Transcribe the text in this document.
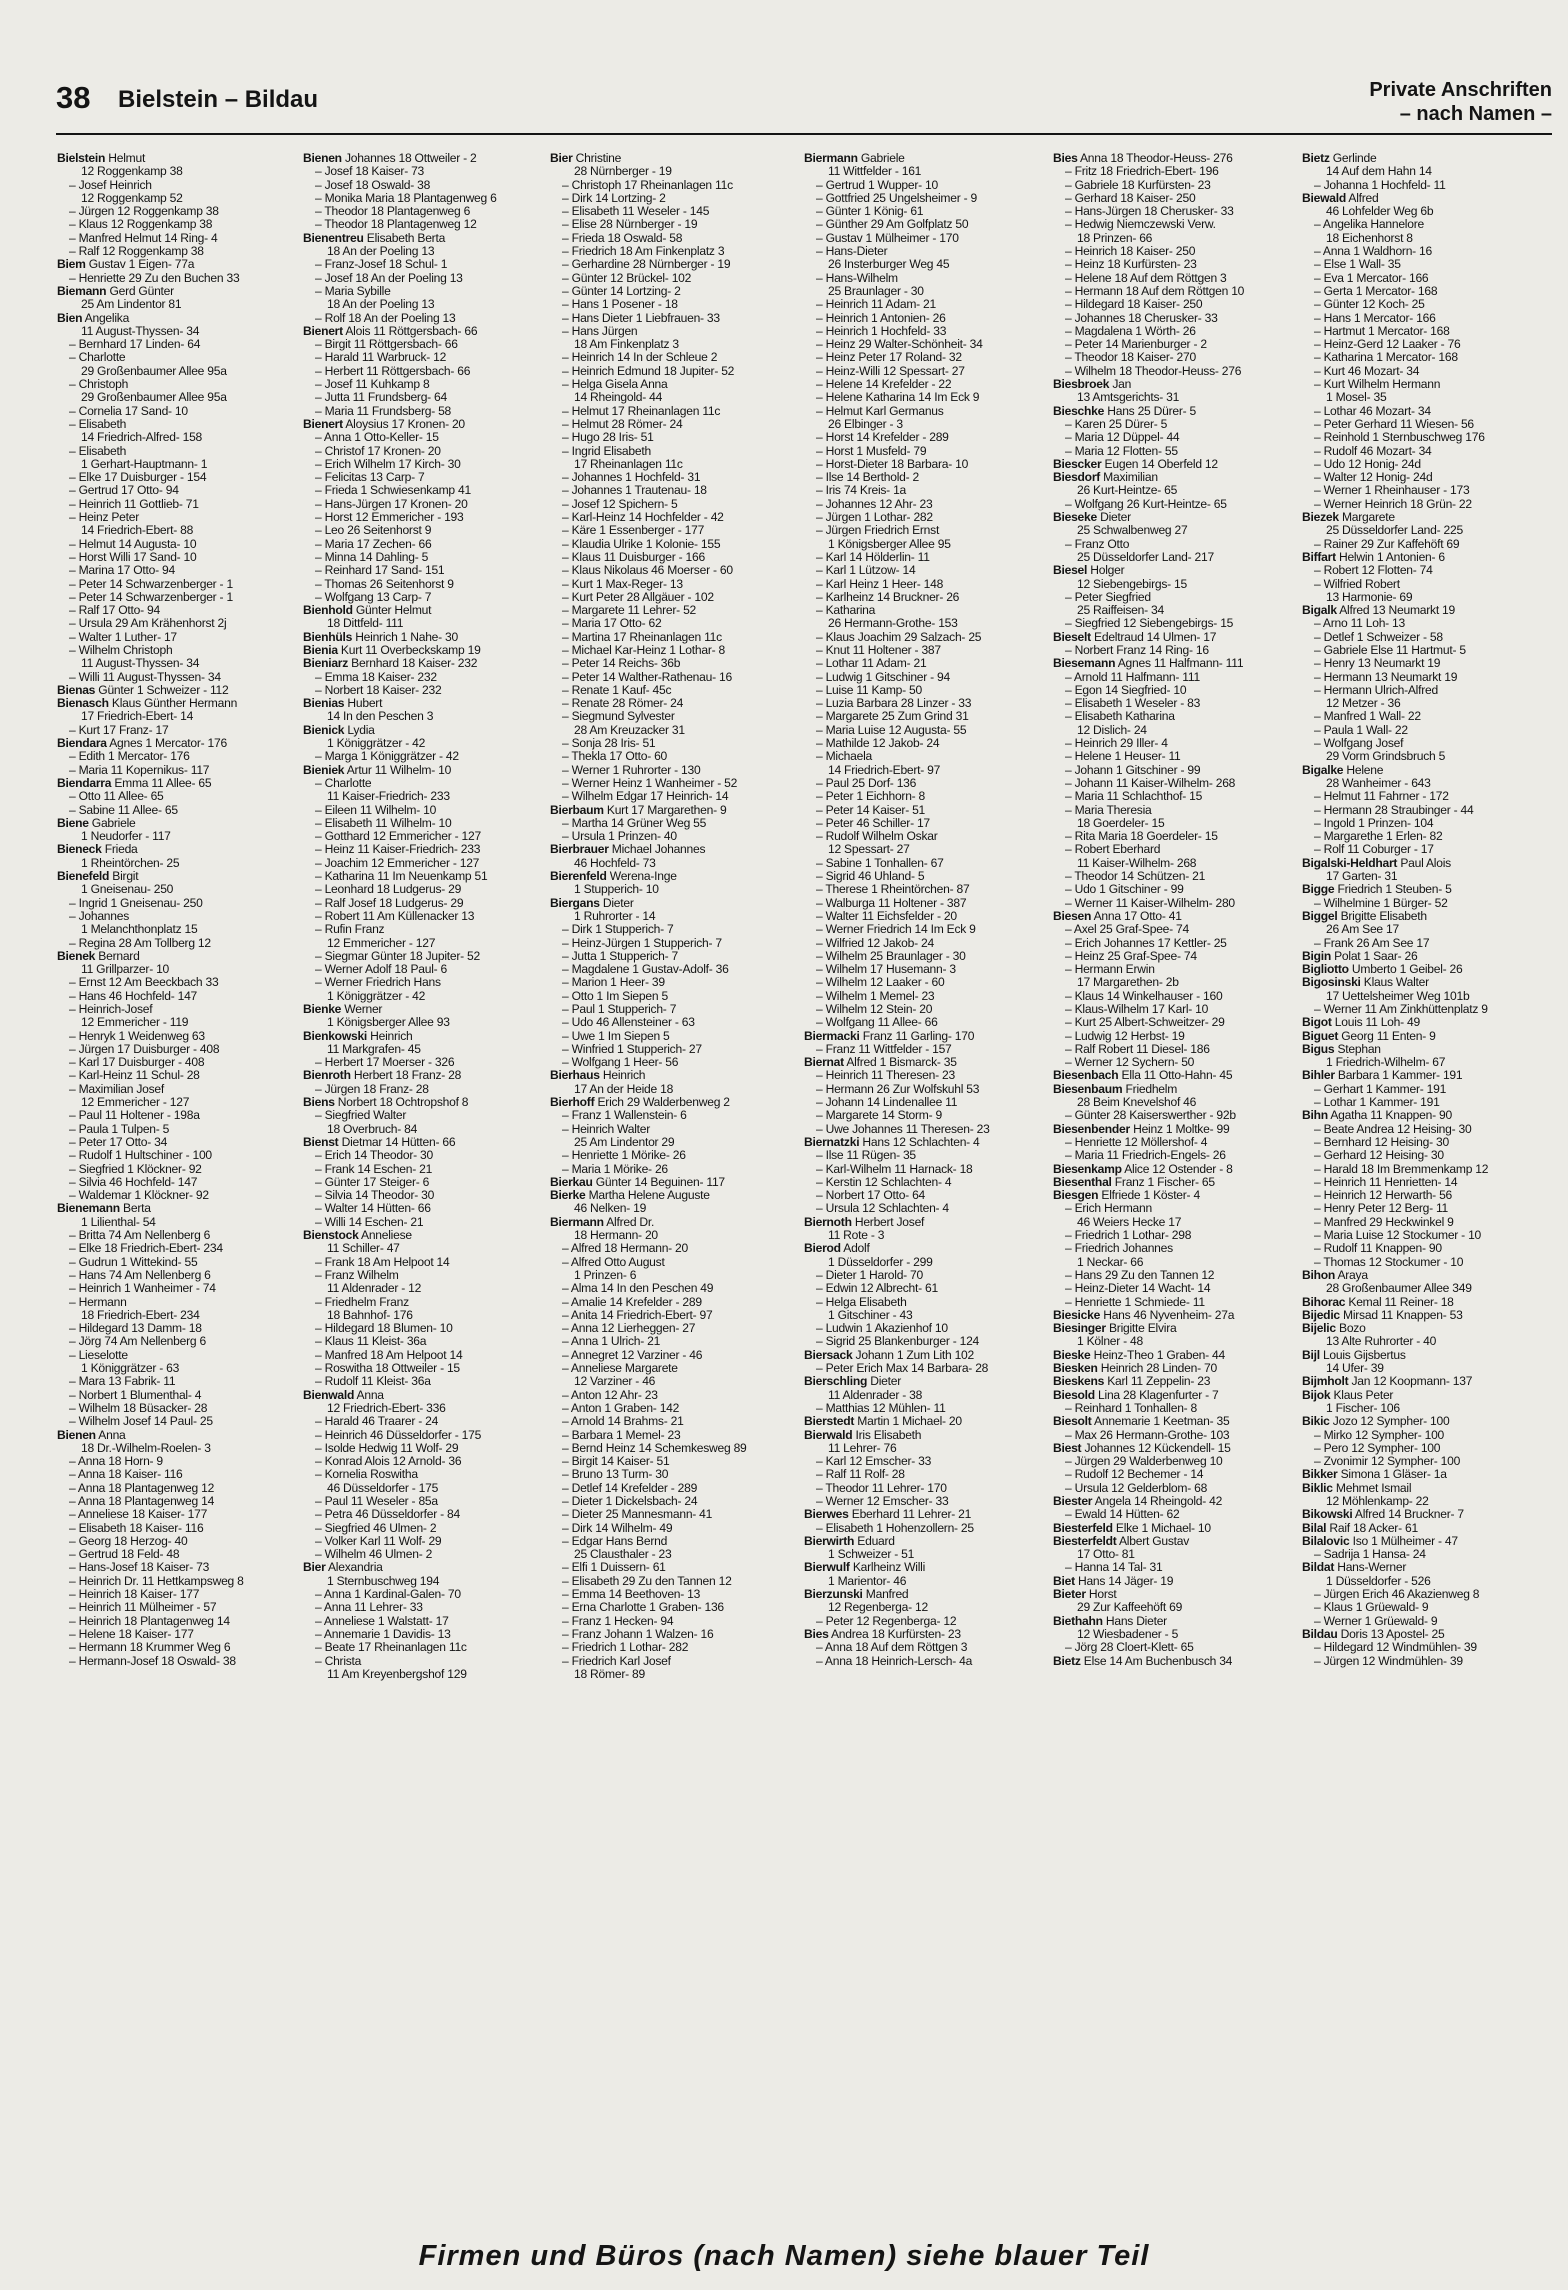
38 Bielstein – Bildau	Private Anschriften
– nach Namen –
Bielstein Helmut
12 Roggenkamp 38
– Josef Heinrich
12 Roggenkamp 52
– Jürgen 12 Roggenkamp 38
– Klaus 12 Roggenkamp 38
– Manfred Helmut 14 Ring- 4
– Ralf 12 Roggenkamp 38
Biem Gustav 1 Eigen- 77a
– Henriette 29 Zu den Buchen 33
Biemann Gerd Günter
25 Am Lindentor 81
Bien Angelika
11 August-Thyssen- 34
– Bernhard 17 Linden- 64
– Charlotte
29 Großenbaumer Allee 95a
– Christoph
29 Großenbaumer Allee 95a
– Cornelia 17 Sand- 10
– Elisabeth
14 Friedrich-Alfred- 158
– Elisabeth
1 Gerhart-Hauptmann- 1
– Elke 17 Duisburger - 154
– Gertrud 17 Otto- 94
– Heinrich 11 Gottlieb- 71
– Heinz Peter
14 Friedrich-Ebert- 88
– Helmut 14 Augusta- 10
– Horst Willi 17 Sand- 10
– Marina 17 Otto- 94
– Peter 14 Schwarzenberger - 1
– Peter 14 Schwarzenberger - 1
– Ralf 17 Otto- 94
– Ursula 29 Am Krähenhorst 2j
– Walter 1 Luther- 17
– Wilhelm Christoph
11 August-Thyssen- 34
– Willi 11 August-Thyssen- 34
Bienas Günter 1 Schweizer - 112
Bienasch Klaus Günther Hermann
17 Friedrich-Ebert- 14
– Kurt 17 Franz- 17
Biendara Agnes 1 Mercator- 176
– Edith 1 Mercator- 176
– Maria 11 Kopernikus- 117
Biendarra Emma 11 Allee- 65
– Otto 11 Allee- 65
– Sabine 11 Allee- 65
Biene Gabriele
1 Neudorfer - 117
Bieneck Frieda
1 Rheintörchen- 25
Bienefeld Birgit
1 Gneisenau- 250
– Ingrid 1 Gneisenau- 250
– Johannes
1 Melanchthonplatz 15
– Regina 28 Am Tollberg 12
Bienek Bernard
11 Grillparzer- 10
– Ernst 12 Am Beeckbach 33
– Hans 46 Hochfeld- 147
– Heinrich-Josef
12 Emmericher - 119
– Henryk 1 Weidenweg 63
– Jürgen 17 Duisburger - 408
– Karl 17 Duisburger - 408
– Karl-Heinz 11 Schul- 28
– Maximilian Josef
12 Emmericher - 127
– Paul 11 Holtener - 198a
– Paula 1 Tulpen- 5
– Peter 17 Otto- 34
– Rudolf 1 Hultschiner - 100
– Siegfried 1 Klöckner- 92
– Silvia 46 Hochfeld- 147
– Waldemar 1 Klöckner- 92
Bienemann Berta
1 Lilienthal- 54
– Britta 74 Am Nellenberg 6
– Elke 18 Friedrich-Ebert- 234
– Gudrun 1 Wittekind- 55
– Hans 74 Am Nellenberg 6
– Heinrich 1 Wanheimer - 74
– Hermann
18 Friedrich-Ebert- 234
– Hildegard 13 Damm- 18
– Jörg 74 Am Nellenberg 6
– Lieselotte
1 Königgrätzer - 63
– Mara 13 Fabrik- 11
– Norbert 1 Blumenthal- 4
– Wilhelm 18 Büsacker- 28
– Wilhelm Josef 14 Paul- 25
Bienen Anna
18 Dr.-Wilhelm-Roelen- 3
– Anna 18 Horn- 9
– Anna 18 Kaiser- 116
– Anna 18 Plantagenweg 12
– Anna 18 Plantagenweg 14
– Anneliese 18 Kaiser- 177
– Elisabeth 18 Kaiser- 116
– Georg 18 Herzog- 40
– Gertrud 18 Feld- 48
– Hans-Josef 18 Kaiser- 73
– Heinrich Dr. 11 Hettkampsweg 8
– Heinrich 18 Kaiser- 177
– Heinrich 11 Mülheimer - 57
– Heinrich 18 Plantagenweg 14
– Helene 18 Kaiser- 177
– Hermann 18 Krummer Weg 6
– Hermann-Josef 18 Oswald- 38
Bienen Johannes 18 Ottweiler - 2
– Josef 18 Kaiser- 73
– Josef 18 Oswald- 38
– Monika Maria 18 Plantagenweg 6
– Theodor 18 Plantagenweg 6
– Theodor 18 Plantagenweg 12
Bienentreu Elisabeth Berta
18 An der Poeling 13
– Franz-Josef 18 Schul- 1
– Josef 18 An der Poeling 13
– Maria Sybille
18 An der Poeling 13
– Rolf 18 An der Poeling 13
Bienert Alois 11 Röttgersbach- 66
– Birgit 11 Röttgersbach- 66
– Harald 11 Warbruck- 12
– Herbert 11 Röttgersbach- 66
– Josef 11 Kuhkamp 8
– Jutta 11 Frundsberg- 64
– Maria 11 Frundsberg- 58
Bienert Aloysius 17 Kronen- 20
– Anna 1 Otto-Keller- 15
– Christof 17 Kronen- 20
– Erich Wilhelm 17 Kirch- 30
– Felicitas 13 Carp- 7
– Frieda 1 Schwiesenkamp 41
– Hans-Jürgen 17 Kronen- 20
– Horst 12 Emmericher - 193
– Leo 26 Seitenhorst 9
– Maria 17 Zechen- 66
– Minna 14 Dahling- 5
– Reinhard 17 Sand- 151
– Thomas 26 Seitenhorst 9
– Wolfgang 13 Carp- 7
Bienhold Günter Helmut
18 Dittfeld- 111
Bienhüls Heinrich 1 Nahe- 30
Bienia Kurt 11 Overbeckskamp 19
Bieniarz Bernhard 18 Kaiser- 232
– Emma 18 Kaiser- 232
– Norbert 18 Kaiser- 232
Bienias Hubert
14 In den Peschen 3
Bienick Lydia
1 Königgrätzer - 42
– Marga 1 Königgrätzer - 42
Bieniek Artur 11 Wilhelm- 10
– Charlotte
11 Kaiser-Friedrich- 233
– Eileen 11 Wilhelm- 10
– Elisabeth 11 Wilhelm- 10
– Gotthard 12 Emmericher - 127
– Heinz 11 Kaiser-Friedrich- 233
– Joachim 12 Emmericher - 127
– Katharina 11 Im Neuenkamp 51
– Leonhard 18 Ludgerus- 29
– Ralf Josef 18 Ludgerus- 29
– Robert 11 Am Küllenacker 13
– Rufin Franz
12 Emmericher - 127
– Siegmar Günter 18 Jupiter- 52
– Werner Adolf 18 Paul- 6
– Werner Friedrich Hans
1 Königgrätzer - 42
Bienke Werner
1 Königsberger Allee 93
Bienkowski Heinrich
11 Markgrafen- 45
– Herbert 17 Moerser - 326
Bienroth Herbert 18 Franz- 28
– Jürgen 18 Franz- 28
Biens Norbert 18 Ochtropshof 8
– Siegfried Walter
18 Overbruch- 84
Bienst Dietmar 14 Hütten- 66
– Erich 14 Theodor- 30
– Frank 14 Eschen- 21
– Günter 17 Steiger- 6
– Silvia 14 Theodor- 30
– Walter 14 Hütten- 66
– Willi 14 Eschen- 21
Bienstock Anneliese
11 Schiller- 47
– Frank 18 Am Helpoot 14
– Franz Wilhelm
11 Aldenrader - 12
– Friedhelm Franz
18 Bahnhof- 176
– Hildegard 18 Blumen- 10
– Klaus 11 Kleist- 36a
– Manfred 18 Am Helpoot 14
– Roswitha 18 Ottweiler - 15
– Rudolf 11 Kleist- 36a
Bienwald Anna
12 Friedrich-Ebert- 336
– Harald 46 Traarer - 24
– Heinrich 46 Düsseldorfer - 175
– Isolde Hedwig 11 Wolf- 29
– Konrad Alois 12 Arnold- 36
– Kornelia Roswitha
46 Düsseldorfer - 175
– Paul 11 Weseler - 85a
– Petra 46 Düsseldorfer - 84
– Siegfried 46 Ulmen- 2
– Volker Karl 11 Wolf- 29
– Wilhelm 46 Ulmen- 2
Bier Alexandria
1 Sternbuschweg 194
– Anna 1 Kardinal-Galen- 70
– Anna 11 Lehrer- 33
– Anneliese 1 Walstatt- 17
– Annemarie 1 Davidis- 13
– Beate 17 Rheinanlagen 11c
– Christa
11 Am Kreyenbergshof 129
Bier Christine
28 Nürnberger - 19
– Christoph 17 Rheinanlagen 11c
– Dirk 14 Lortzing- 2
– Elisabeth 11 Weseler - 145
– Elise 28 Nürnberger - 19
– Frieda 18 Oswald- 58
– Friedrich 18 Am Finkenplatz 3
– Gerhardine 28 Nürnberger - 19
– Günter 12 Brückel- 102
– Günter 14 Lortzing- 2
– Hans 1 Posener - 18
– Hans Dieter 1 Liebfrauen- 33
– Hans Jürgen
18 Am Finkenplatz 3
– Heinrich 14 In der Schleue 2
– Heinrich Edmund 18 Jupiter- 52
– Helga Gisela Anna
14 Rheingold- 44
– Helmut 17 Rheinanlagen 11c
– Helmut 28 Römer- 24
– Hugo 28 Iris- 51
– Ingrid Elisabeth
17 Rheinanlagen 11c
– Johannes 1 Hochfeld- 31
– Johannes 1 Trautenau- 18
– Josef 12 Spichern- 5
– Karl-Heinz 14 Hochfelder - 42
– Käre 1 Essenberger - 177
– Klaudia Ulrike 1 Kolonie- 155
– Klaus 11 Duisburger - 166
– Klaus Nikolaus 46 Moerser - 60
– Kurt 1 Max-Reger- 13
– Kurt Peter 28 Allgäuer - 102
– Margarete 11 Lehrer- 52
– Maria 17 Otto- 62
– Martina 17 Rheinanlagen 11c
– Michael Kar-Heinz 1 Lothar- 8
– Peter 14 Reichs- 36b
– Peter 14 Walther-Rathenau- 16
– Renate 1 Kauf- 45c
– Renate 28 Römer- 24
– Siegmund Sylvester
28 Am Kreuzacker 31
– Sonja 28 Iris- 51
– Thekla 17 Otto- 60
– Werner 1 Ruhrorter - 130
– Werner Heinz 1 Wanheimer - 52
– Wilhelm Edgar 17 Heinrich- 14
Bierbaum Kurt 17 Margarethen- 9
– Martha 14 Grüner Weg 55
– Ursula 1 Prinzen- 40
Bierbrauer Michael Johannes
46 Hochfeld- 73
Bierenfeld Werena-Inge
1 Stupperich- 10
Biergans Dieter
1 Ruhrorter - 14
– Dirk 1 Stupperich- 7
– Heinz-Jürgen 1 Stupperich- 7
– Jutta 1 Stupperich- 7
– Magdalene 1 Gustav-Adolf- 36
– Marion 1 Heer- 39
– Otto 1 Im Siepen 5
– Paul 1 Stupperich- 7
– Udo 46 Allensteiner - 63
– Uwe 1 Im Siepen 5
– Winfried 1 Stupperich- 27
– Wolfgang 1 Heer- 56
Bierhaus Heinrich
17 An der Heide 18
Bierhoff Erich 29 Walderbenweg 2
– Franz 1 Wallenstein- 6
– Heinrich Walter
25 Am Lindentor 29
– Henriette 1 Mörike- 26
– Maria 1 Mörike- 26
Bierkau Günter 14 Beguinen- 117
Bierke Martha Helene Auguste
46 Nelken- 19
Biermann Alfred Dr.
18 Hermann- 20
– Alfred 18 Hermann- 20
– Alfred Otto August
1 Prinzen- 6
– Alma 14 In den Peschen 49
– Amalie 14 Krefelder - 289
– Anita 14 Friedrich-Ebert- 97
– Anna 12 Lierheggen- 27
– Anna 1 Ulrich- 21
– Annegret 12 Varziner - 46
– Anneliese Margarete
12 Varziner - 46
– Anton 12 Ahr- 23
– Anton 1 Graben- 142
– Arnold 14 Brahms- 21
– Barbara 1 Memel- 23
– Bernd Heinz 14 Schemkesweg 89
– Birgit 14 Kaiser- 51
– Bruno 13 Turm- 30
– Detlef 14 Krefelder - 289
– Dieter 1 Dickelsbach- 24
– Dieter 25 Mannesmann- 41
– Dirk 14 Wilhelm- 49
– Edgar Hans Bernd
25 Clausthaler - 23
– Elfi 1 Duissern- 61
– Elisabeth 29 Zu den Tannen 12
– Emma 14 Beethoven- 13
– Erna Charlotte 1 Graben- 136
– Franz 1 Hecken- 94
– Franz Johann 1 Walzen- 16
– Friedrich 1 Lothar- 282
– Friedrich Karl Josef
18 Römer- 89
Biermann Gabriele
11 Wittfelder - 161
– Gertrud 1 Wupper- 10
– Gottfried 25 Ungelsheimer - 9
– Günter 1 König- 61
– Günther 29 Am Golfplatz 50
– Gustav 1 Mülheimer - 170
– Hans-Dieter
26 Insterburger Weg 45
– Hans-Wilhelm
25 Braunlager - 30
– Heinrich 11 Adam- 21
– Heinrich 1 Antonien- 26
– Heinrich 1 Hochfeld- 33
– Heinz 29 Walter-Schönheit- 34
– Heinz Peter 17 Roland- 32
– Heinz-Willi 12 Spessart- 27
– Helene 14 Krefelder - 22
– Helene Katharina 14 Im Eck 9
– Helmut Karl Germanus
26 Elbinger - 3
– Horst 14 Krefelder - 289
– Horst 1 Musfeld- 79
– Horst-Dieter 18 Barbara- 10
– Ilse 14 Berthold- 2
– Iris 74 Kreis- 1a
– Johannes 12 Ahr- 23
– Jürgen 1 Lothar- 282
– Jürgen Friedrich Ernst
1 Königsberger Allee 95
– Karl 14 Hölderlin- 11
– Karl 1 Lützow- 14
– Karl Heinz 1 Heer- 148
– Karlheinz 14 Bruckner- 26
– Katharina
26 Hermann-Grothe- 153
– Klaus Joachim 29 Salzach- 25
– Knut 11 Holtener - 387
– Lothar 11 Adam- 21
– Ludwig 1 Gitschiner - 94
– Luise 11 Kamp- 50
– Luzia Barbara 28 Linzer - 33
– Margarete 25 Zum Grind 31
– Maria Luise 12 Augusta- 55
– Mathilde 12 Jakob- 24
– Michaela
14 Friedrich-Ebert- 97
– Paul 25 Dorf- 136
– Peter 1 Eichhorn- 8
– Peter 14 Kaiser- 51
– Peter 46 Schiller- 17
– Rudolf Wilhelm Oskar
12 Spessart- 27
– Sabine 1 Tonhallen- 67
– Sigrid 46 Uhland- 5
– Therese 1 Rheintörchen- 87
– Walburga 11 Holtener - 387
– Walter 11 Eichsfelder - 20
– Werner Friedrich 14 Im Eck 9
– Wilfried 12 Jakob- 24
– Wilhelm 25 Braunlager - 30
– Wilhelm 17 Husemann- 3
– Wilhelm 12 Laaker - 60
– Wilhelm 1 Memel- 23
– Wilhelm 12 Stein- 20
– Wolfgang 11 Allee- 66
Biermacki Franz 11 Garling- 170
– Franz 11 Wittfelder - 157
Biernat Alfred 1 Bismarck- 35
– Heinrich 11 Theresen- 23
– Hermann 26 Zur Wolfskuhl 53
– Johann 14 Lindenallee 11
– Margarete 14 Storm- 9
– Uwe Johannes 11 Theresen- 23
Biernatzki Hans 12 Schlachten- 4
– Ilse 11 Rügen- 35
– Karl-Wilhelm 11 Harnack- 18
– Kerstin 12 Schlachten- 4
– Norbert 17 Otto- 64
– Ursula 12 Schlachten- 4
Biernoth Herbert Josef
11 Rote - 3
Bierod Adolf
1 Düsseldorfer - 299
– Dieter 1 Harold- 70
– Edwin 12 Albrecht- 61
– Helga Elisabeth
1 Gitschiner - 43
– Ludwin 1 Akazienhof 10
– Sigrid 25 Blankenburger - 124
Biersack Johann 1 Zum Lith 102
– Peter Erich Max 14 Barbara- 28
Bierschling Dieter
11 Aldenrader - 38
– Matthias 12 Mühlen- 11
Bierstedt Martin 1 Michael- 20
Bierwald Iris Elisabeth
11 Lehrer- 76
– Karl 12 Emscher- 33
– Ralf 11 Rolf- 28
– Theodor 11 Lehrer- 170
– Werner 12 Emscher- 33
Bierwes Eberhard 11 Lehrer- 21
– Elisabeth 1 Hohenzollern- 25
Bierwirth Eduard
1 Schweizer - 51
Bierwulf Karlheinz Willi
1 Marientor- 46
Bierzunski Manfred
12 Regenberga- 12
– Peter 12 Regenberga- 12
Bies Andrea 18 Kurfürsten- 23
– Anna 18 Auf dem Röttgen 3
– Anna 18 Heinrich-Lersch- 4a
Bies Anna 18 Theodor-Heuss- 276
– Fritz 18 Friedrich-Ebert- 196
– Gabriele 18 Kurfürsten- 23
– Gerhard 18 Kaiser- 250
– Hans-Jürgen 18 Cherusker- 33
– Hedwig Niemczewski Verw.
18 Prinzen- 66
– Heinrich 18 Kaiser- 250
– Heinz 18 Kurfürsten- 23
– Helene 18 Auf dem Röttgen 3
– Hermann 18 Auf dem Röttgen 10
– Hildegard 18 Kaiser- 250
– Johannes 18 Cherusker- 33
– Magdalena 1 Wörth- 26
– Peter 14 Marienburger - 2
– Theodor 18 Kaiser- 270
– Wilhelm 18 Theodor-Heuss- 276
Biesbroek Jan
13 Amtsgerichts- 31
Bieschke Hans 25 Dürer- 5
– Karen 25 Dürer- 5
– Maria 12 Düppel- 44
– Maria 12 Flotten- 55
Biescker Eugen 14 Oberfeld 12
Biesdorf Maximilian
26 Kurt-Heintze- 65
– Wolfgang 26 Kurt-Heintze- 65
Bieseke Dieter
25 Schwalbenweg 27
– Franz Otto
25 Düsseldorfer Land- 217
Biesel Holger
12 Siebengebirgs- 15
– Peter Siegfried
25 Raiffeisen- 34
– Siegfried 12 Siebengebirgs- 15
Bieselt Edeltraud 14 Ulmen- 17
– Norbert Franz 14 Ring- 16
Biesemann Agnes 11 Halfmann- 111
– Arnold 11 Halfmann- 111
– Egon 14 Siegfried- 10
– Elisabeth 1 Weseler - 83
– Elisabeth Katharina
12 Dislich- 24
– Heinrich 29 Iller- 4
– Helene 1 Heuser- 11
– Johann 1 Gitschiner - 99
– Johann 11 Kaiser-Wilhelm- 268
– Maria 11 Schlachthof- 15
– Maria Theresia
18 Goerdeler- 15
– Rita Maria 18 Goerdeler- 15
– Robert Eberhard
11 Kaiser-Wilhelm- 268
– Theodor 14 Schützen- 21
– Udo 1 Gitschiner - 99
– Werner 11 Kaiser-Wilhelm- 280
Biesen Anna 17 Otto- 41
– Axel 25 Graf-Spee- 74
– Erich Johannes 17 Kettler- 25
– Heinz 25 Graf-Spee- 74
– Hermann Erwin
17 Margarethen- 2b
– Klaus 14 Winkelhauser - 160
– Klaus-Wilhelm 17 Karl- 10
– Kurt 25 Albert-Schweitzer- 29
– Ludwig 12 Herbst- 19
– Ralf Robert 11 Diesel- 186
– Werner 12 Sychern- 50
Biesenbach Ella 11 Otto-Hahn- 45
Biesenbaum Friedhelm
28 Beim Knevelshof 46
– Günter 28 Kaiserswerther - 92b
Biesenbender Heinz 1 Moltke- 99
– Henriette 12 Möllershof- 4
– Maria 11 Friedrich-Engels- 26
Biesenkamp Alice 12 Ostender - 8
Biesenthal Franz 1 Fischer- 65
Biesgen Elfriede 1 Köster- 4
– Erich Hermann
46 Weiers Hecke 17
– Friedrich 1 Lothar- 298
– Friedrich Johannes
1 Neckar- 66
– Hans 29 Zu den Tannen 12
– Heinz-Dieter 14 Wacht- 14
– Henriette 1 Schmiede- 11
Biesicke Hans 46 Nyvenheim- 27a
Biesinger Brigitte Elvira
1 Kölner - 48
Bieske Heinz-Theo 1 Graben- 44
Biesken Heinrich 28 Linden- 70
Bieskens Karl 11 Zeppelin- 23
Biesold Lina 28 Klagenfurter - 7
– Reinhard 1 Tonhallen- 8
Biesolt Annemarie 1 Keetman- 35
– Max 26 Hermann-Grothe- 103
Biest Johannes 12 Kückendell- 15
– Jürgen 29 Walderbenweg 10
– Rudolf 12 Bechemer - 14
– Ursula 12 Gelderblom- 68
Biester Angela 14 Rheingold- 42
– Ewald 14 Hütten- 62
Biesterfeld Elke 1 Michael- 10
Biesterfeldt Albert Gustav
17 Otto- 81
– Hanna 14 Tal- 31
Biet Hans 14 Jäger- 19
Bieter Horst
29 Zur Kaffeehöft 69
Biethahn Hans Dieter
12 Wiesbadener - 5
– Jörg 28 Cloert-Klett- 65
Bietz Else 14 Am Buchenbusch 34
Bietz Gerlinde
14 Auf dem Hahn 14
– Johanna 1 Hochfeld- 11
Biewald Alfred
46 Lohfelder Weg 6b
– Angelika Hannelore
18 Eichenhorst 8
– Anna 1 Waldhorn- 16
– Else 1 Wall- 35
– Eva 1 Mercator- 166
– Gerta 1 Mercator- 168
– Günter 12 Koch- 25
– Hans 1 Mercator- 166
– Hartmut 1 Mercator- 168
– Heinz-Gerd 12 Laaker - 76
– Katharina 1 Mercator- 168
– Kurt 46 Mozart- 34
– Kurt Wilhelm Hermann
1 Mosel- 35
– Lothar 46 Mozart- 34
– Peter Gerhard 11 Wiesen- 56
– Reinhold 1 Sternbuschweg 176
– Rudolf 46 Mozart- 34
– Udo 12 Honig- 24d
– Walter 12 Honig- 24d
– Werner 1 Rheinhauser - 173
– Werner Heinrich 18 Grün- 22
Biezek Margarete
25 Düsseldorfer Land- 225
– Rainer 29 Zur Kaffehöft 69
Biffart Helwin 1 Antonien- 6
– Robert 12 Flotten- 74
– Wilfried Robert
13 Harmonie- 69
Bigalk Alfred 13 Neumarkt 19
– Arno 11 Loh- 13
– Detlef 1 Schweizer - 58
– Gabriele Else 11 Hartmut- 5
– Henry 13 Neumarkt 19
– Hermann 13 Neumarkt 19
– Hermann Ulrich-Alfred
12 Metzer - 36
– Manfred 1 Wall- 22
– Paula 1 Wall- 22
– Wolfgang Josef
29 Vorm Grindsbruch 5
Bigalke Helene
28 Wanheimer - 643
– Helmut 11 Fahrner - 172
– Hermann 28 Straubinger - 44
– Ingold 1 Prinzen- 104
– Margarethe 1 Erlen- 82
– Rolf 11 Coburger - 17
Bigalski-Heldhart Paul Alois
17 Garten- 31
Bigge Friedrich 1 Steuben- 5
– Wilhelmine 1 Bürger- 52
Biggel Brigitte Elisabeth
26 Am See 17
– Frank 26 Am See 17
Bigin Polat 1 Saar- 26
Bigliotto Umberto 1 Geibel- 26
Bigosinski Klaus Walter
17 Uettelsheimer Weg 101b
– Werner 11 Am Zinkhüttenplatz 9
Bigot Louis 11 Loh- 49
Biguet Georg 11 Enten- 9
Bigus Stephan
1 Friedrich-Wilhelm- 67
Bihler Barbara 1 Kammer- 191
– Gerhart 1 Kammer- 191
– Lothar 1 Kammer- 191
Bihn Agatha 11 Knappen- 90
– Beate Andrea 12 Heising- 30
– Bernhard 12 Heising- 30
– Gerhard 12 Heising- 30
– Harald 18 Im Bremmenkamp 12
– Heinrich 11 Henrietten- 14
– Heinrich 12 Herwarth- 56
– Henry Peter 12 Berg- 11
– Manfred 29 Heckwinkel 9
– Maria Luise 12 Stockumer - 10
– Rudolf 11 Knappen- 90
– Thomas 12 Stockumer - 10
Bihon Araya
28 Großenbaumer Allee 349
Bihorac Kemal 11 Reiner- 18
Bijedic Mirsad 11 Knappen- 53
Bijelic Bozo
13 Alte Ruhrorter - 40
Bijl Louis Gijsbertus
14 Ufer- 39
Bijmholt Jan 12 Koopmann- 137
Bijok Klaus Peter
1 Fischer- 106
Bikic Jozo 12 Sympher- 100
– Mirko 12 Sympher- 100
– Pero 12 Sympher- 100
– Zvonimir 12 Sympher- 100
Bikker Simona 1 Gläser- 1a
Biklic Mehmet Ismail
12 Möhlenkamp- 22
Bikowski Alfred 14 Bruckner- 7
Bilal Raif 18 Acker- 61
Bilalovic Iso 1 Mülheimer - 47
– Sadrija 1 Hansa- 24
Bildat Hans-Werner
1 Düsseldorfer - 526
– Jürgen Erich 46 Akazienweg 8
– Klaus 1 Grüewald- 9
– Werner 1 Grüewald- 9
Bildau Doris 13 Apostel- 25
– Hildegard 12 Windmühlen- 39
– Jürgen 12 Windmühlen- 39
Firmen und Büros (nach Namen) siehe blauer Teil
